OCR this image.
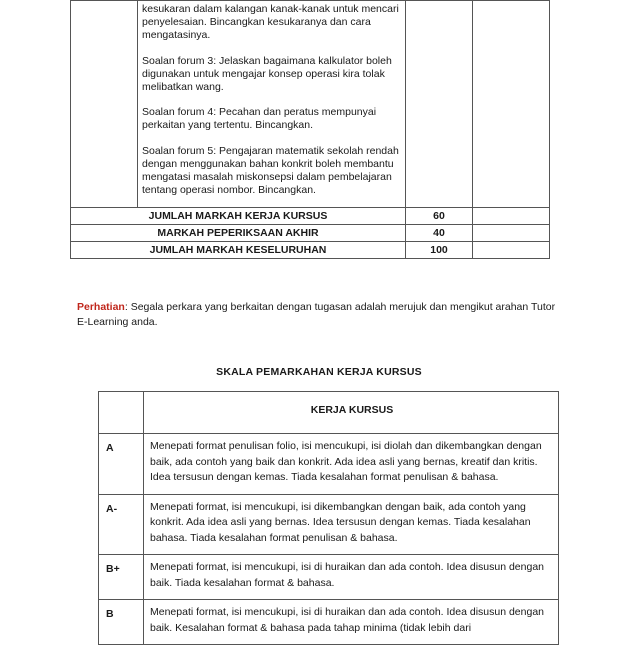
	kesukaran dalam kalangan kanak-kanak untuk mencari penyelesaian. Bincangkan kesukaranya dan cara mengatasinya.

Soalan forum 3: Jelaskan bagaimana kalkulator boleh digunakan untuk mengajar konsep operasi kira tolak melibatkan wang.

Soalan forum 4: Pecahan dan peratus mempunyai perkaitan yang tertentu. Bincangkan.

Soalan forum 5: Pengajaran matematik sekolah rendah dengan menggunakan bahan konkrit boleh membantu mengatasi masalah miskonsepsi dalam pembelajaran tentang operasi nombor. Bincangkan.		

JUMLAH MARKAH KERJA KURSUS		60	
MARKAH PEPERIKSAAN AKHIR		40	
JUMLAH MARKAH KESELURUHAN		100	
Perhatian: Segala perkara yang berkaitan dengan tugasan adalah merujuk dan mengikut arahan Tutor E-Learning anda.
SKALA PEMARKAHAN KERJA KURSUS
	KERJA KURSUS
A	Menepati format penulisan folio, isi mencukupi, isi diolah dan dikembangkan dengan baik, ada contoh yang baik dan konkrit. Ada idea asli yang bernas, kreatif dan kritis. Idea tersusun dengan kemas. Tiada kesalahan format penulisan & bahasa.
A-	Menepati format, isi mencukupi, isi dikembangkan dengan baik, ada contoh yang konkrit. Ada idea asli yang bernas. Idea tersusun dengan kemas. Tiada kesalahan bahasa. Tiada kesalahan format penulisan & bahasa.
B+	Menepati format, isi mencukupi, isi di huraikan dan ada contoh. Idea disusun dengan baik. Tiada kesalahan format & bahasa.
B	Menepati format, isi mencukupi, isi di huraikan dan ada contoh. Idea disusun dengan baik. Kesalahan format & bahasa pada tahap minima (tidak lebih dari
